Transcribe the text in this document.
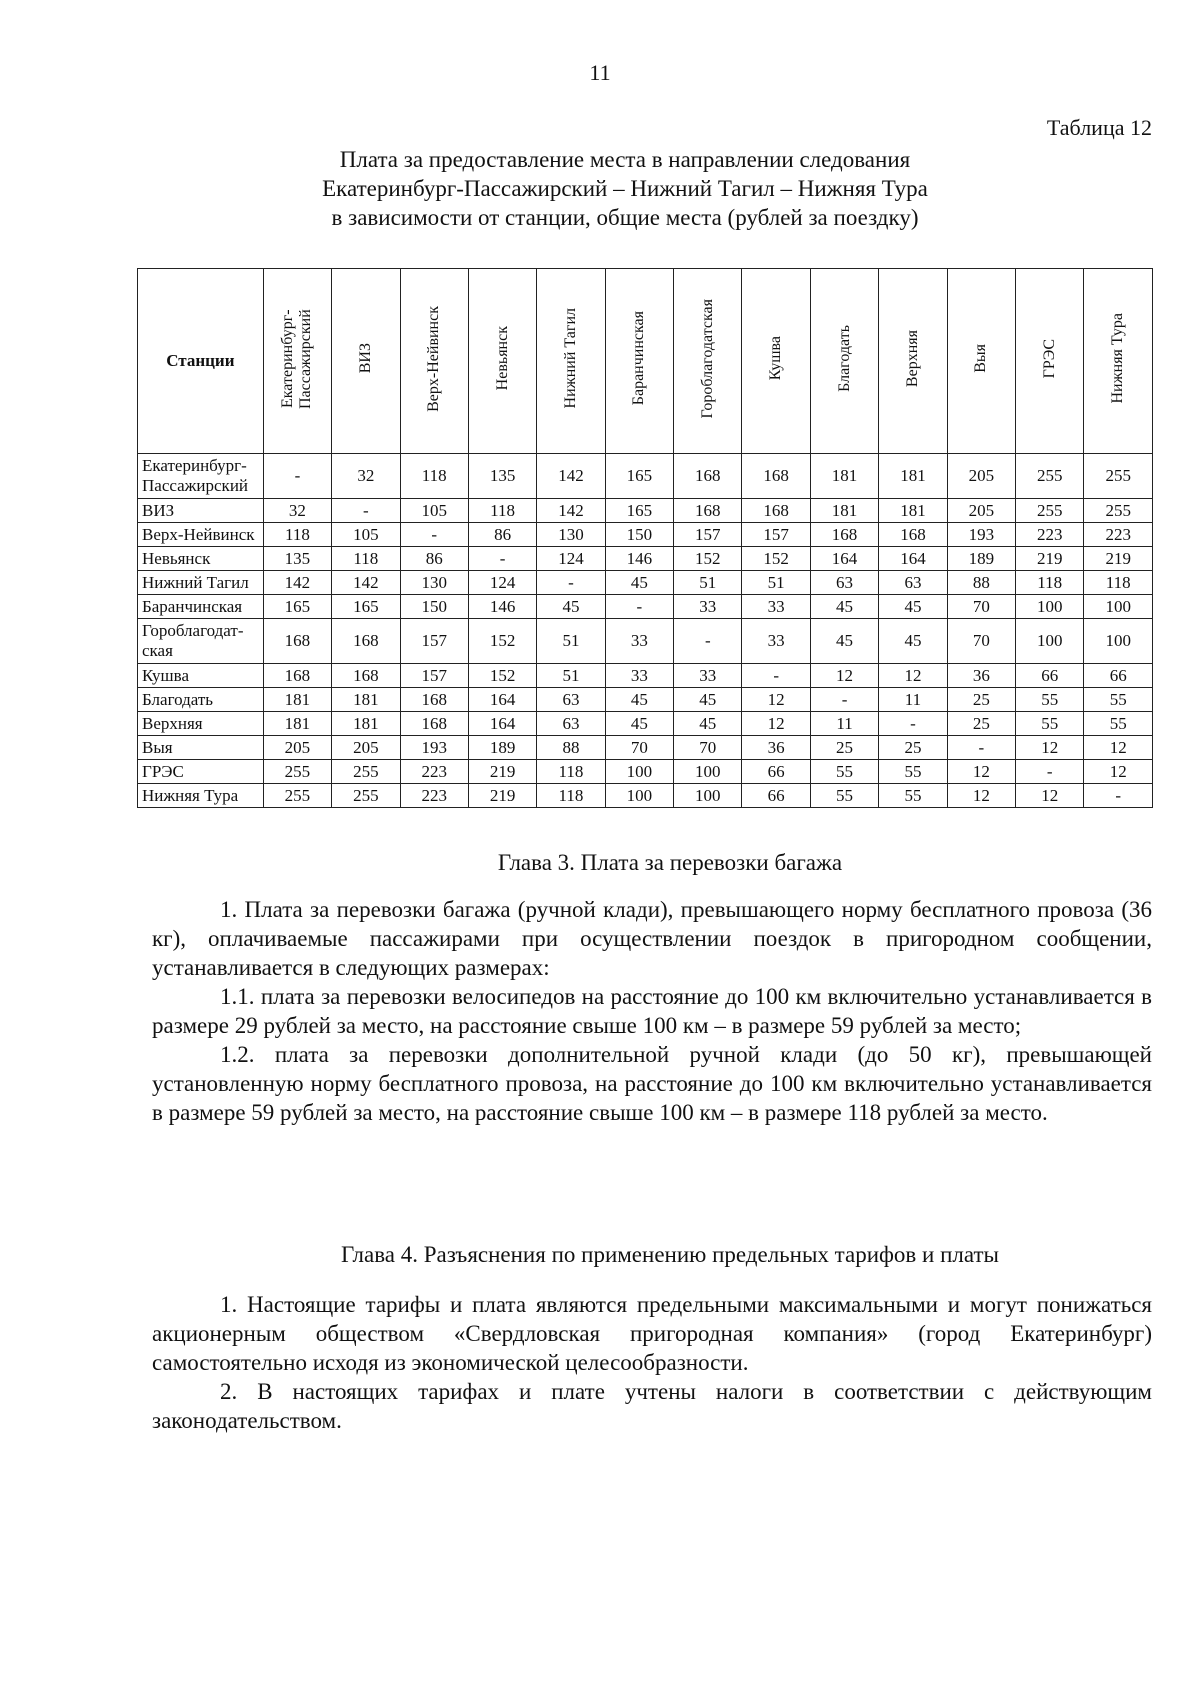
11
Таблица 12
Плата за предоставление места в направлении следования
Екатеринбург-Пассажирский – Нижний Тагил – Нижняя Тура
в зависимости от станции, общие места (рублей за поездку)
Станции	Екатеринбург-Пассажирский	ВИЗ	Верх-Нейвинск	Невьянск	Нижний Тагил	Баранчинская	Гороблагодатская	Кушва	Благодать	Верхняя	Выя	ГРЭС	Нижняя Тура
Екатеринбург-Пассажирский	-	32	118	135	142	165	168	168	181	181	205	255	255
ВИЗ	32	-	105	118	142	165	168	168	181	181	205	255	255
Верх-Нейвинск	118	105	-	86	130	150	157	157	168	168	193	223	223
Невьянск	135	118	86	-	124	146	152	152	164	164	189	219	219
Нижний Тагил	142	142	130	124	-	45	51	51	63	63	88	118	118
Баранчинская	165	165	150	146	45	-	33	33	45	45	70	100	100
Гороблагодат-ская	168	168	157	152	51	33	-	33	45	45	70	100	100
Кушва	168	168	157	152	51	33	33	-	12	12	36	66	66
Благодать	181	181	168	164	63	45	45	12	-	11	25	55	55
Верхняя	181	181	168	164	63	45	45	12	11	-	25	55	55
Выя	205	205	193	189	88	70	70	36	25	25	-	12	12
ГРЭС	255	255	223	219	118	100	100	66	55	55	12	-	12
Нижняя Тура	255	255	223	219	118	100	100	66	55	55	12	12	-
Глава 3. Плата за перевозки багажа

1. Плата за перевозки багажа (ручной клади), превышающего норму бесплатного провоза (36 кг), оплачиваемые пассажирами при осуществлении поездок в пригородном сообщении, устанавливается в следующих размерах:

1.1. плата за перевозки велосипедов на расстояние до 100 км включительно устанавливается в размере 29 рублей за место, на расстояние свыше 100 км – в размере 59 рублей за место;

1.2. плата за перевозки дополнительной ручной клади (до 50 кг), превышающей установленную норму бесплатного провоза, на расстояние до 100 км включительно устанавливается в размере 59 рублей за место, на расстояние свыше 100 км – в размере 118 рублей за место.

Глава 4. Разъяснения по применению предельных тарифов и платы

1. Настоящие тарифы и плата являются предельными максимальными и могут понижаться акционерным обществом «Свердловская пригородная компания» (город Екатеринбург) самостоятельно исходя из экономической целесообразности.

2. В настоящих тарифах и плате учтены налоги в соответствии с действующим законодательством.
